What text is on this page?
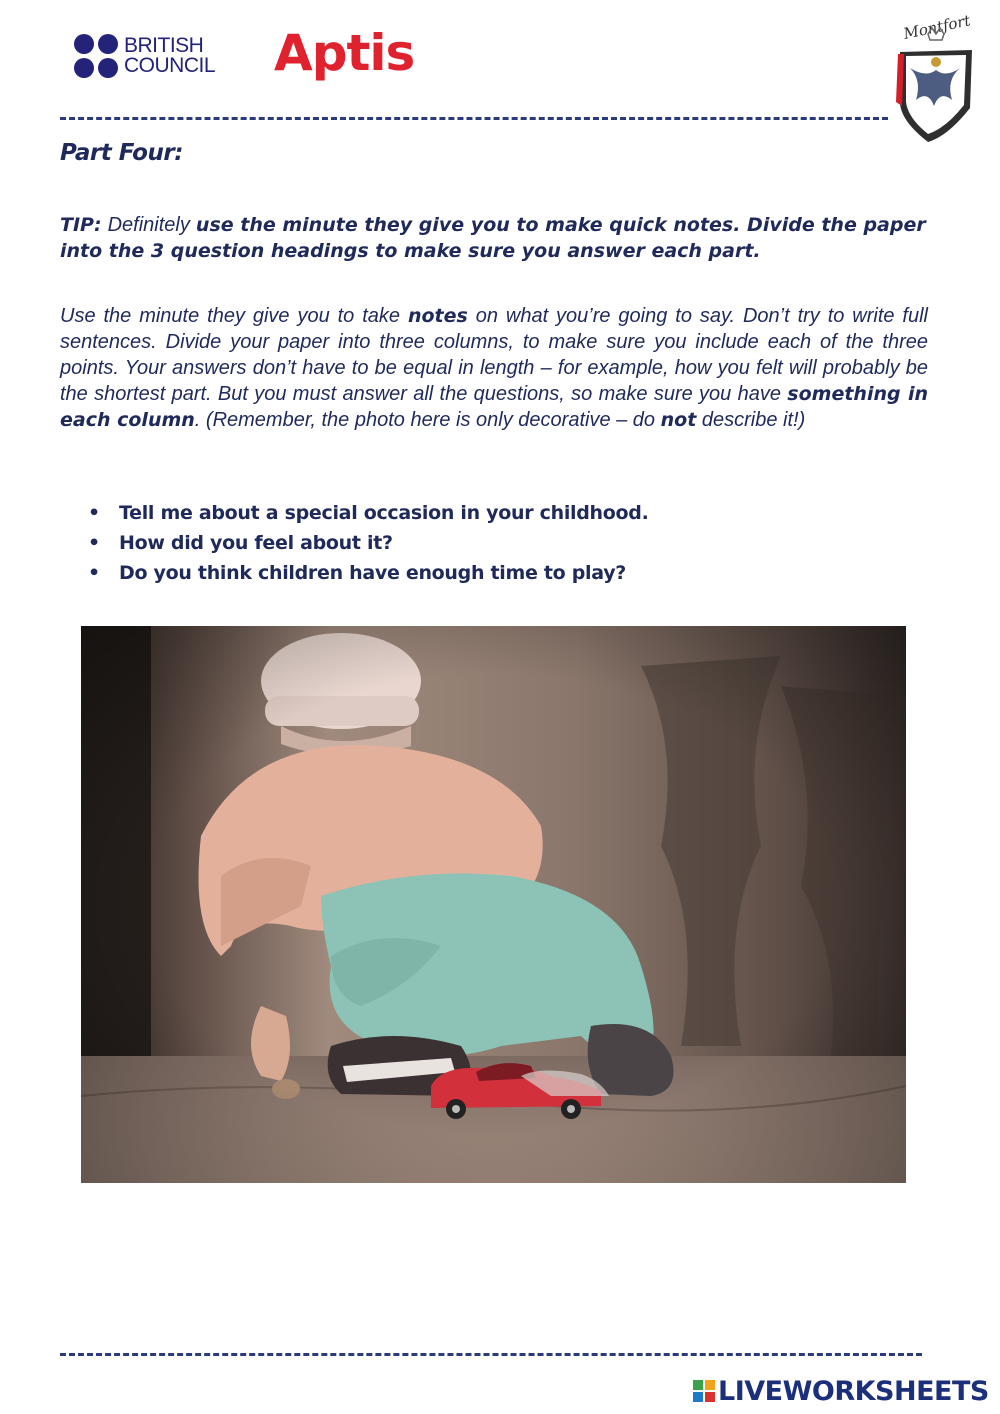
BRITISH
COUNCIL Aptis	Montfort
Part Four:
TIP: Definitely use the minute they give you to make quick notes. Divide the paper into the 3 question headings to make sure you answer each part.
Use the minute they give you to take notes on what you’re going to say. Don’t try to write full sentences. Divide your paper into three columns, to make sure you include each of the three points. Your answers don’t have to be equal in length – for example, how you felt will probably be the shortest part. But you must answer all the questions, so make sure you have something in each column. (Remember, the photo here is only decorative – do not describe it!)
• Tell me about a special occasion in your childhood.
• How did you feel about it?
• Do you think children have enough time to play?
LIVEWORKSHEETS
